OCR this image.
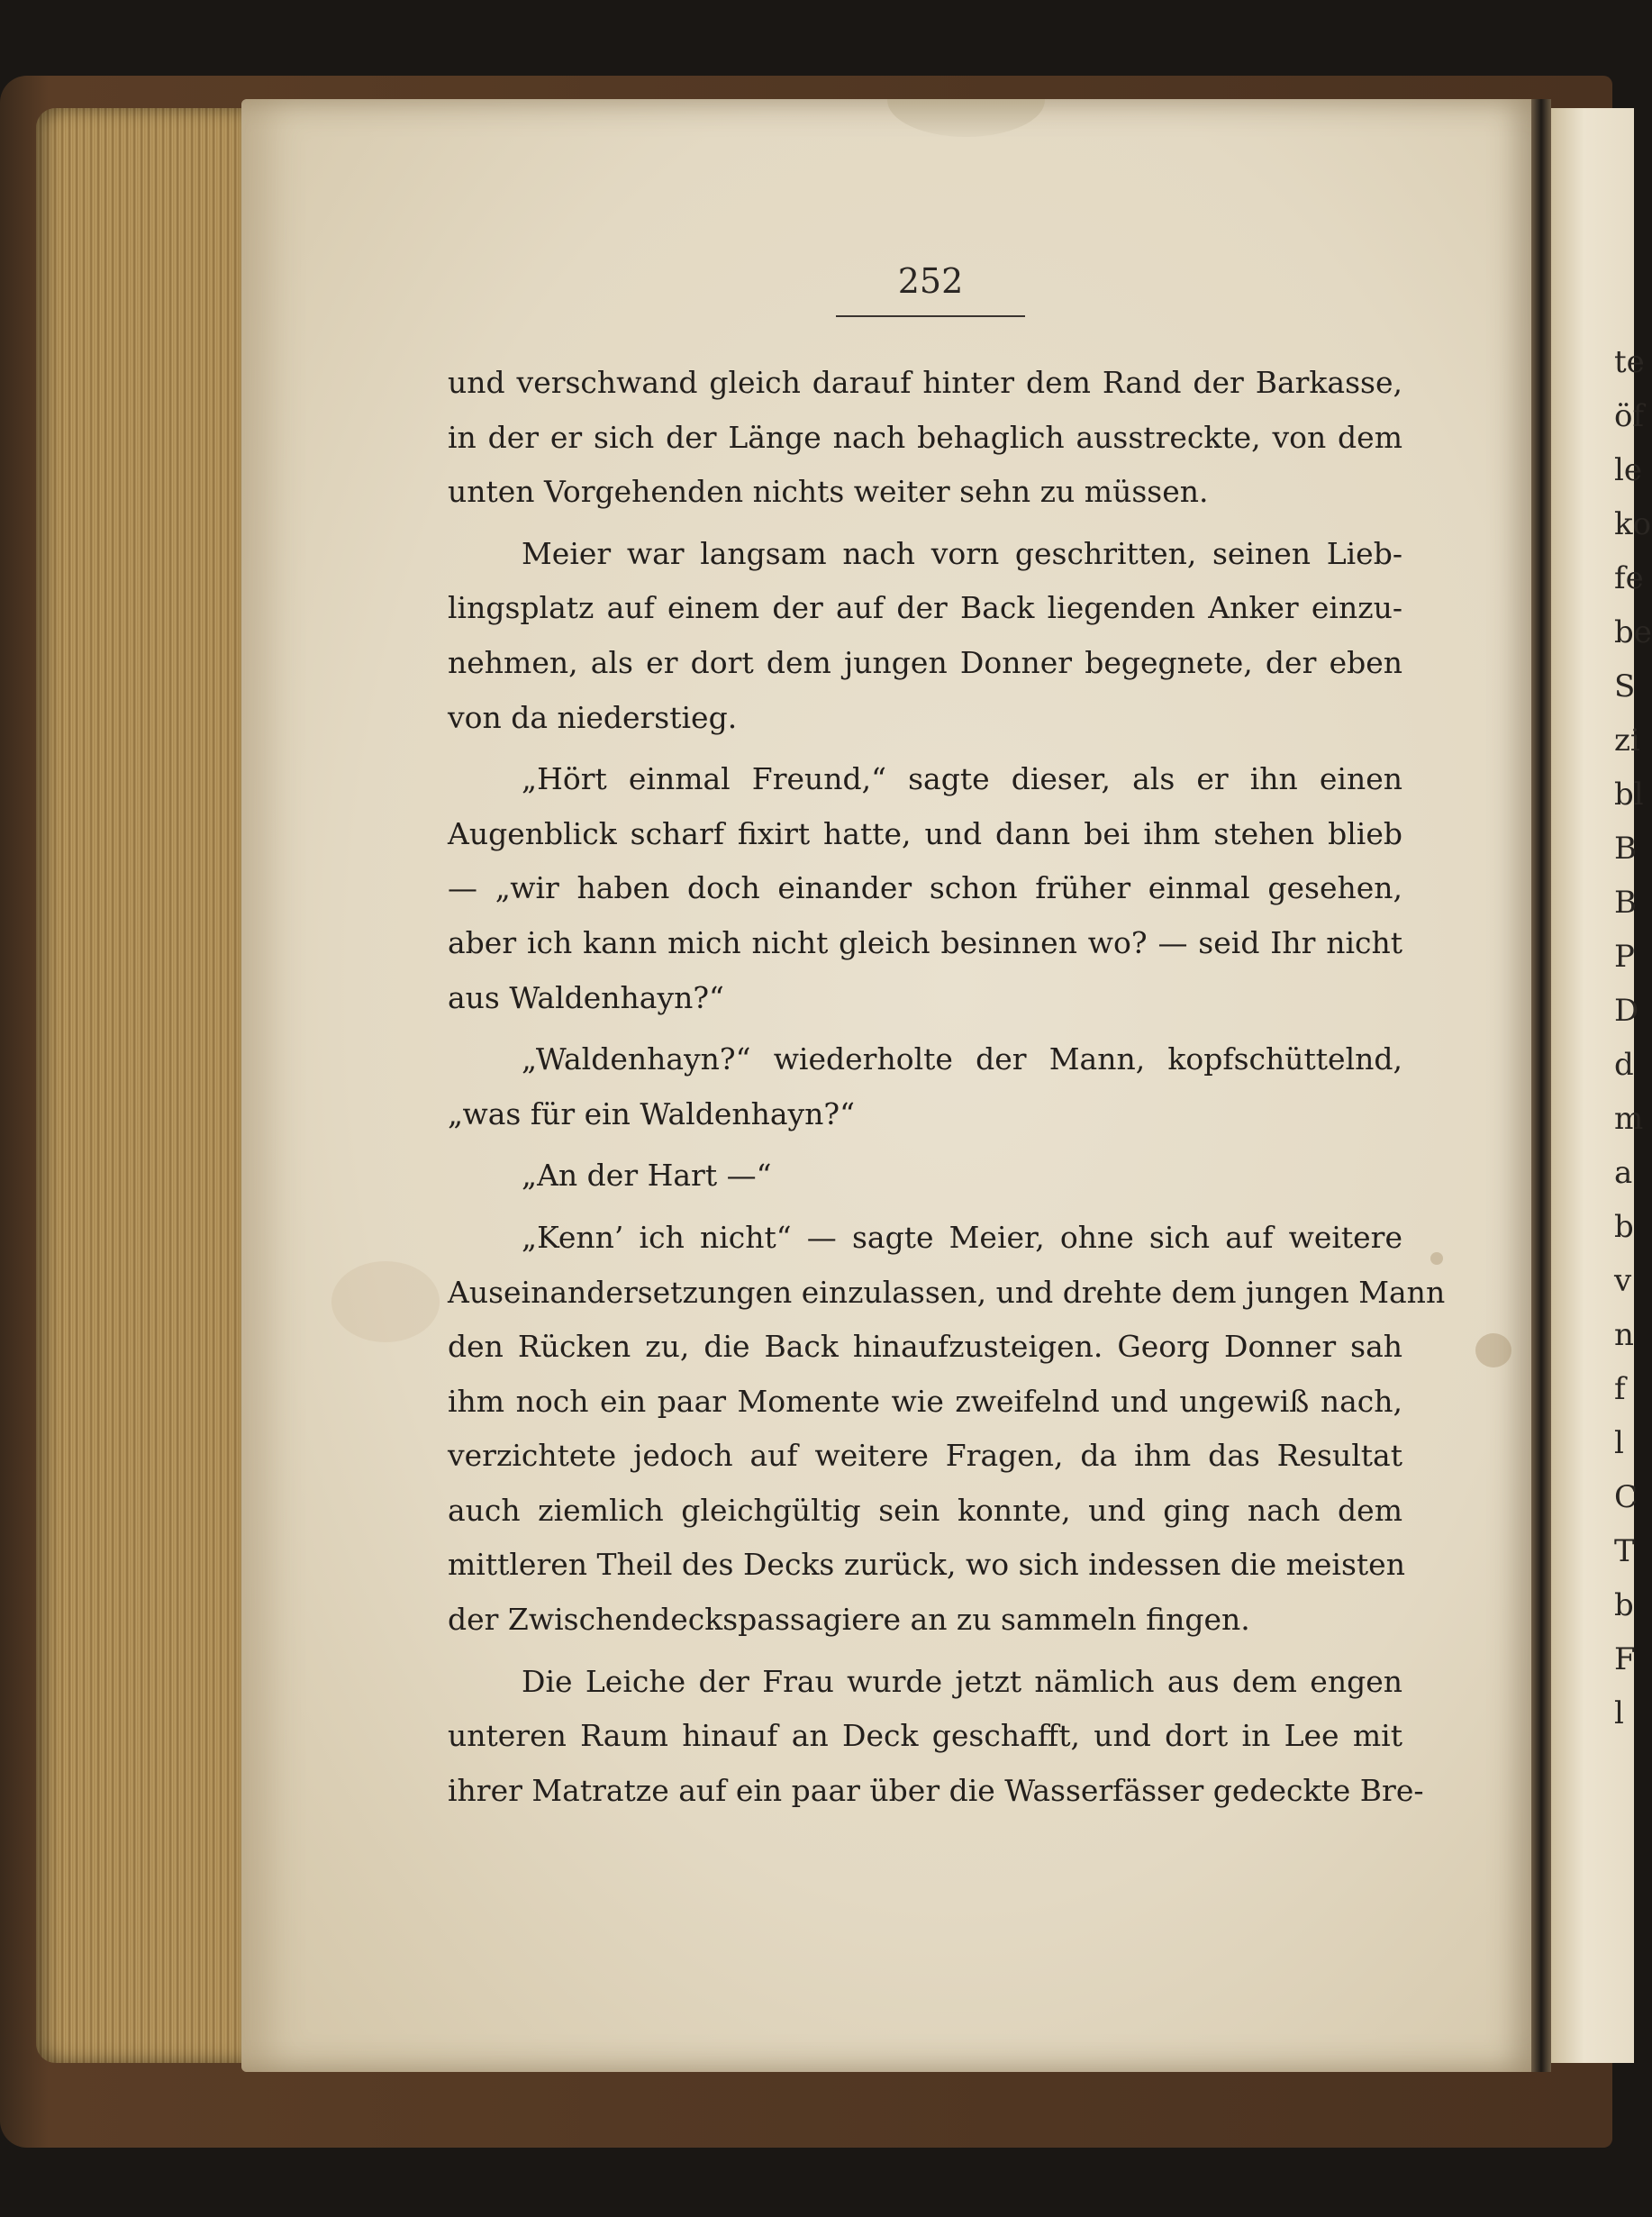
te
öf
le
ko
fe
be
S
zi
bl
B
B
P
D
d
m
a
b
v
n
f
l
C
T
b
F
l
252
und verschwand gleich darauf hinter dem Rand der Barkasse,
in der er sich der Länge nach behaglich ausstreckte, von dem
unten Vorgehenden nichts weiter sehn zu müssen.
Meier war langsam nach vorn geschritten, seinen Lieb-
lingsplatz auf einem der auf der Back liegenden Anker einzu-
nehmen, als er dort dem jungen Donner begegnete, der eben
von da niederstieg.
„Hört einmal Freund,“ sagte dieser, als er ihn einen
Augenblick scharf fixirt hatte, und dann bei ihm stehen blieb
— „wir haben doch einander schon früher einmal gesehen,
aber ich kann mich nicht gleich besinnen wo? — seid Ihr nicht
aus Waldenhayn?“
„Waldenhayn?“ wiederholte der Mann, kopfschüttelnd,
„was für ein Waldenhayn?“
„An der Hart —“
„Kenn’ ich nicht“ — sagte Meier, ohne sich auf weitere
Auseinandersetzungen einzulassen, und drehte dem jungen Mann
den Rücken zu, die Back hinaufzusteigen. Georg Donner sah
ihm noch ein paar Momente wie zweifelnd und ungewiß nach,
verzichtete jedoch auf weitere Fragen, da ihm das Resultat
auch ziemlich gleichgültig sein konnte, und ging nach dem
mittleren Theil des Decks zurück, wo sich indessen die meisten
der Zwischendeckspassagiere an zu sammeln fingen.
Die Leiche der Frau wurde jetzt nämlich aus dem engen
unteren Raum hinauf an Deck geschafft, und dort in Lee mit
ihrer Matratze auf ein paar über die Wasserfässer gedeckte Bre-
